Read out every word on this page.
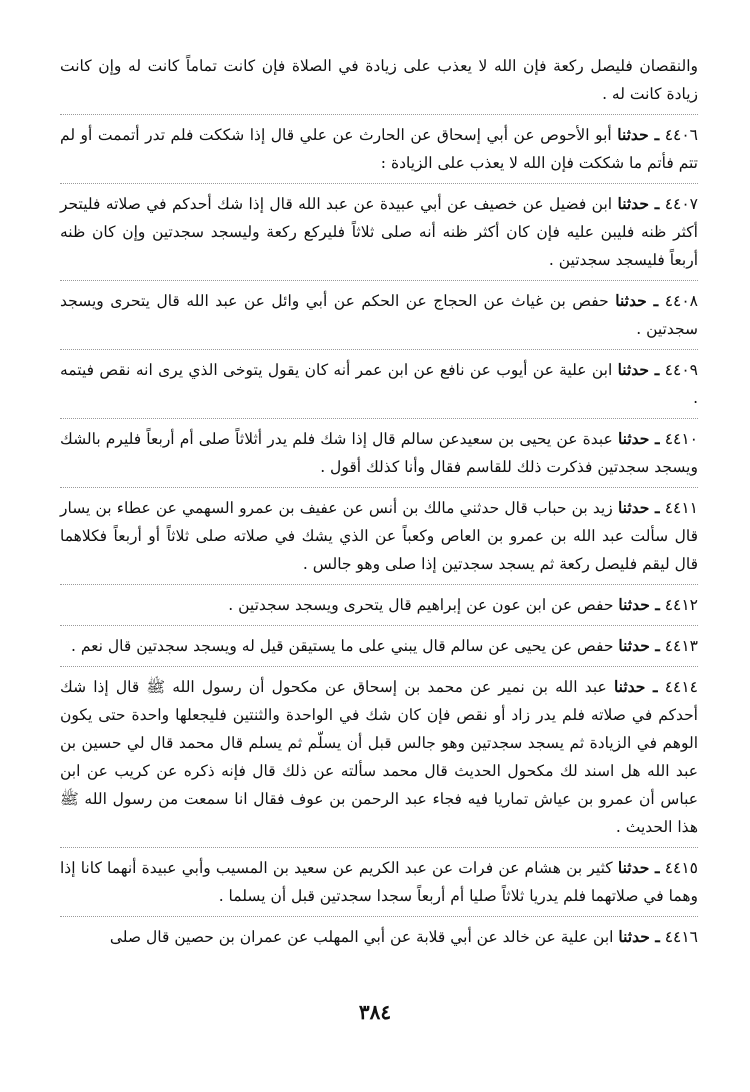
والنقصان فليصل ركعة فإن الله لا يعذب على زيادة في الصلاة فإن كانت تماماً كانت له وإن كانت زيادة كانت له .

٤٤٠٦ ـ حدثنا أبو الأحوص عن أبي إسحاق عن الحارث عن علي قال إذا شككت فلم تدر أتممت أو لم تتم فأتم ما شككت فإن الله لا يعذب على الزيادة :

٤٤٠٧ ـ حدثنا ابن فضيل عن خصيف عن أبي عبيدة عن عبد الله قال إذا شك أحدكم في صلاته فليتحر أكثر ظنه فليبن عليه فإن كان أكثر ظنه أنه صلى ثلاثاً فليركع ركعة وليسجد سجدتين وإن كان ظنه أربعاً فليسجد سجدتين .

٤٤٠٨ ـ حدثنا حفص بن غياث عن الحجاج عن الحكم عن أبي وائل عن عبد الله قال يتحرى ويسجد سجدتين .

٤٤٠٩ ـ حدثنا ابن علية عن أيوب عن نافع عن ابن عمر أنه كان يقول يتوخى الذي يرى انه نقص فيتمه .

٤٤١٠ ـ حدثنا عبدة عن يحيى بن سعيدعن سالم قال إذا شك فلم يدر أثلاثاً صلى أم أربعاً فليرم بالشك ويسجد سجدتين فذكرت ذلك للقاسم فقال وأنا كذلك أقول .

٤٤١١ ـ حدثنا زيد بن حباب قال حدثني مالك بن أنس عن عفيف بن عمرو السهمي عن عطاء بن يسار قال سألت عبد الله بن عمرو بن العاص وكعباً عن الذي يشك في صلاته صلى ثلاثاً أو أربعاً فكلاهما قال ليقم فليصل ركعة ثم يسجد سجدتين إذا صلى وهو جالس .

٤٤١٢ ـ حدثنا حفص عن ابن عون عن إبراهيم قال يتحرى ويسجد سجدتين .

٤٤١٣ ـ حدثنا حفص عن يحيى عن سالم قال يبني على ما يستيقن قيل له ويسجد سجدتين قال نعم .

٤٤١٤ ـ حدثنا عبد الله بن نمير عن محمد بن إسحاق عن مكحول أن رسول الله ﷺ قال إذا شك أحدكم في صلاته فلم يدر زاد أو نقص فإن كان شك في الواحدة والثنتين فليجعلها واحدة حتى يكون الوهم في الزيادة ثم يسجد سجدتين وهو جالس قبل أن يسلّم ثم يسلم قال محمد قال لي حسين بن عبد الله هل اسند لك مكحول الحديث قال محمد سألته عن ذلك قال فإنه ذكره عن كريب عن ابن عباس أن عمرو بن عياش تماريا فيه فجاء عبد الرحمن بن عوف فقال انا سمعت من رسول الله ﷺ هذا الحديث .

٤٤١٥ ـ حدثنا كثير بن هشام عن فرات عن عبد الكريم عن سعيد بن المسيب وأبي عبيدة أنهما كانا إذا وهما في صلاتهما فلم يدريا ثلاثاً صليا أم أربعاً سجدا سجدتين قبل أن يسلما .

٤٤١٦ ـ حدثنا ابن علية عن خالد عن أبي قلابة عن أبي المهلب عن عمران بن حصين قال صلى

٣٨٤
